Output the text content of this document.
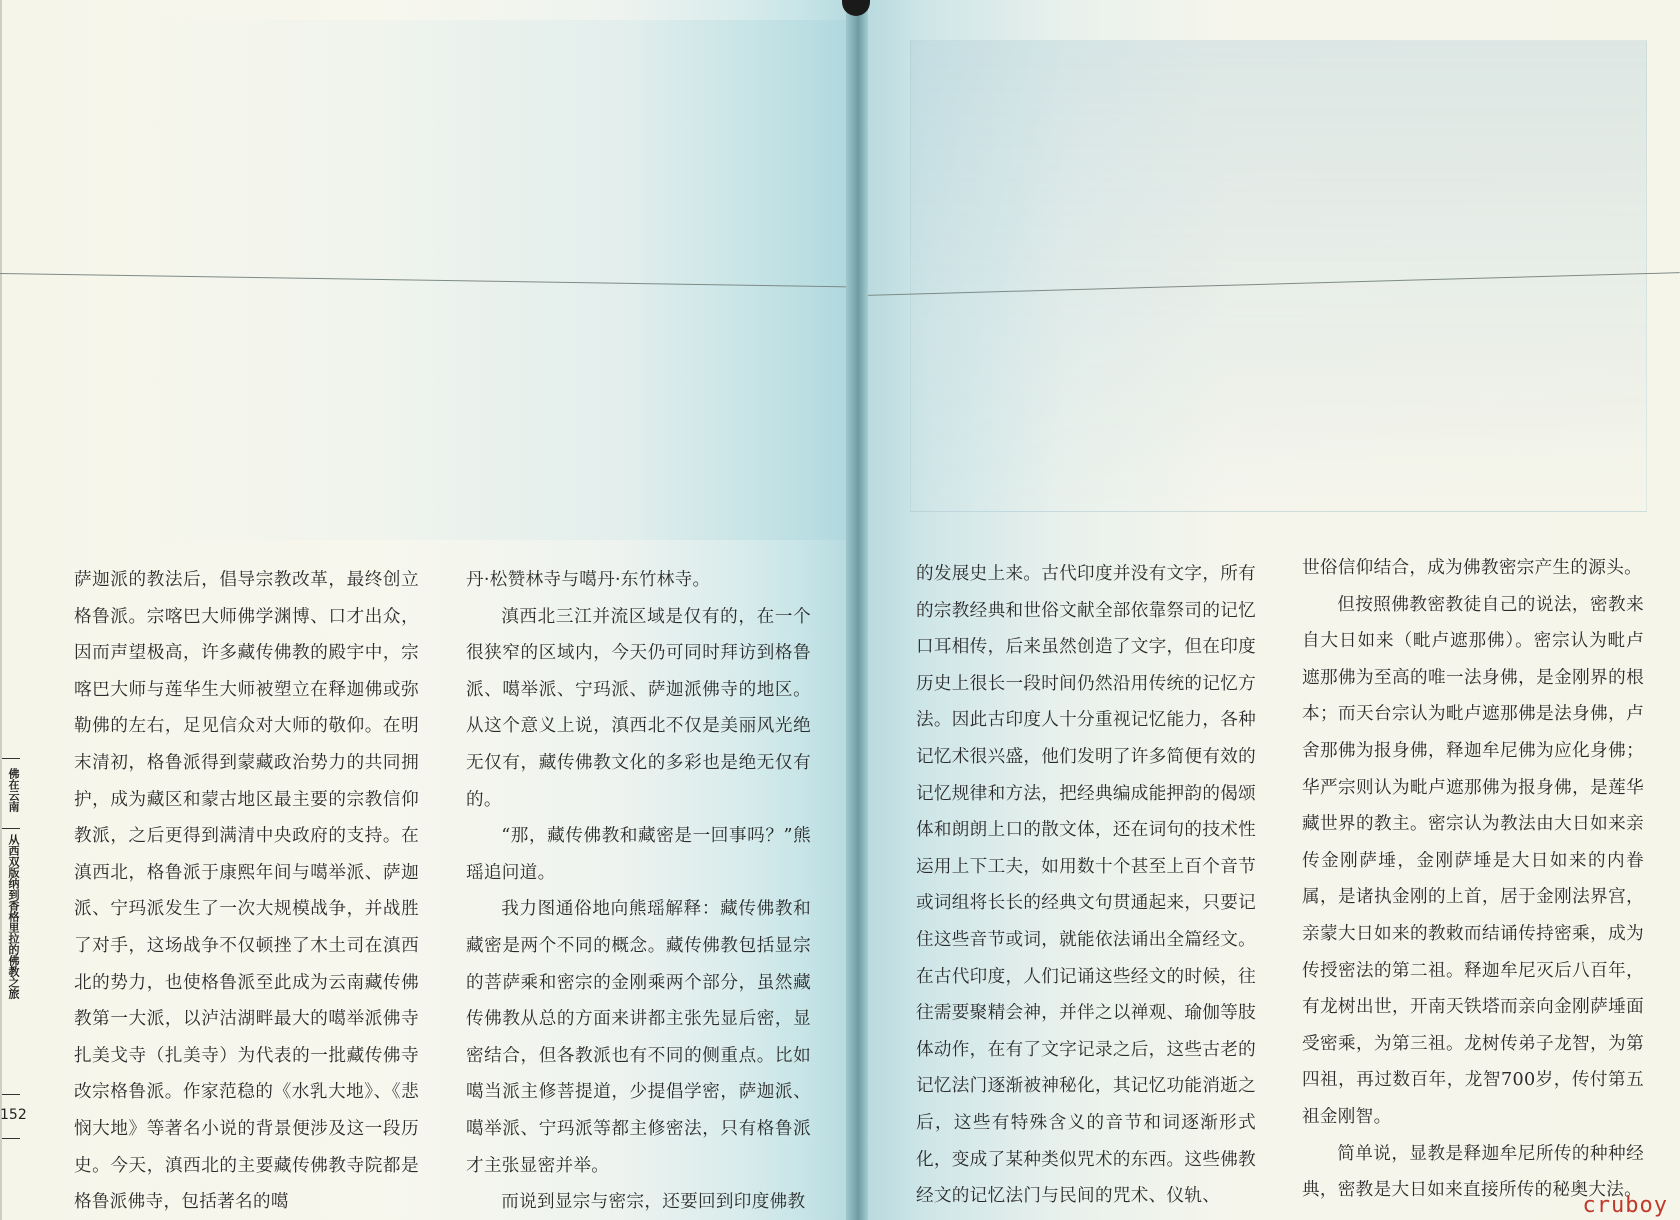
佛在云南
从西双版纳到香格里拉的佛教之旅
152

萨迦派的教法后，倡导宗教改革，最终创立格鲁派。宗喀巴大师佛学渊博、口才出众，因而声望极高，许多藏传佛教的殿宇中，宗喀巴大师与莲华生大师被塑立在释迦佛或弥勒佛的左右，足见信众对大师的敬仰。在明末清初，格鲁派得到蒙藏政治势力的共同拥护，成为藏区和蒙古地区最主要的宗教信仰教派，之后更得到满清中央政府的支持。在滇西北，格鲁派于康熙年间与噶举派、萨迦派、宁玛派发生了一次大规模战争，并战胜了对手，这场战争不仅顿挫了木土司在滇西北的势力，也使格鲁派至此成为云南藏传佛教第一大派，以泸沽湖畔最大的噶举派佛寺扎美戈寺（扎美寺）为代表的一批藏传佛寺改宗格鲁派。作家范稳的《水乳大地》、《悲悯大地》等著名小说的背景便涉及这一段历史。今天，滇西北的主要藏传佛教寺院都是格鲁派佛寺，包括著名的噶

丹·松赞林寺与噶丹·东竹林寺。

滇西北三江并流区域是仅有的，在一个很狭窄的区域内，今天仍可同时拜访到格鲁派、噶举派、宁玛派、萨迦派佛寺的地区。从这个意义上说，滇西北不仅是美丽风光绝无仅有，藏传佛教文化的多彩也是绝无仅有的。

“那，藏传佛教和藏密是一回事吗？”熊瑶追问道。

我力图通俗地向熊瑶解释：藏传佛教和藏密是两个不同的概念。藏传佛教包括显宗的菩萨乘和密宗的金刚乘两个部分，虽然藏传佛教从总的方面来讲都主张先显后密，显密结合，但各教派也有不同的侧重点。比如噶当派主修菩提道，少提倡学密，萨迦派、噶举派、宁玛派等都主修密法，只有格鲁派才主张显密并举。

而说到显宗与密宗，还要回到印度佛教

的发展史上来。古代印度并没有文字，所有的宗教经典和世俗文献全部依靠祭司的记忆口耳相传，后来虽然创造了文字，但在印度历史上很长一段时间仍然沿用传统的记忆方法。因此古印度人十分重视记忆能力，各种记忆术很兴盛，他们发明了许多简便有效的记忆规律和方法，把经典编成能押韵的偈颂体和朗朗上口的散文体，还在词句的技术性运用上下工夫，如用数十个甚至上百个音节或词组将长长的经典文句贯通起来，只要记住这些音节或词，就能依法诵出全篇经文。在古代印度，人们记诵这些经文的时候，往往需要聚精会神，并伴之以禅观、瑜伽等肢体动作，在有了文字记录之后，这些古老的记忆法门逐渐被神秘化，其记忆功能消逝之后，这些有特殊含义的音节和词逐渐形式化，变成了某种类似咒术的东西。这些佛教经文的记忆法门与民间的咒术、仪轨、

世俗信仰结合，成为佛教密宗产生的源头。

但按照佛教密教徒自己的说法，密教来自大日如来（毗卢遮那佛）。密宗认为毗卢遮那佛为至高的唯一法身佛，是金刚界的根本；而天台宗认为毗卢遮那佛是法身佛，卢舍那佛为报身佛，释迦牟尼佛为应化身佛；华严宗则认为毗卢遮那佛为报身佛，是莲华藏世界的教主。密宗认为教法由大日如来亲传金刚萨埵，金刚萨埵是大日如来的内眷属，是诸执金刚的上首，居于金刚法界宫，亲蒙大日如来的教敕而结诵传持密乘，成为传授密法的第二祖。释迦牟尼灭后八百年，有龙树出世，开南天铁塔而亲向金刚萨埵面受密乘，为第三祖。龙树传弟子龙智，为第四祖，再过数百年，龙智700岁，传付第五祖金刚智。

简单说，显教是释迦牟尼所传的种种经典，密教是大日如来直接所传的秘奥大法。

cruboy
